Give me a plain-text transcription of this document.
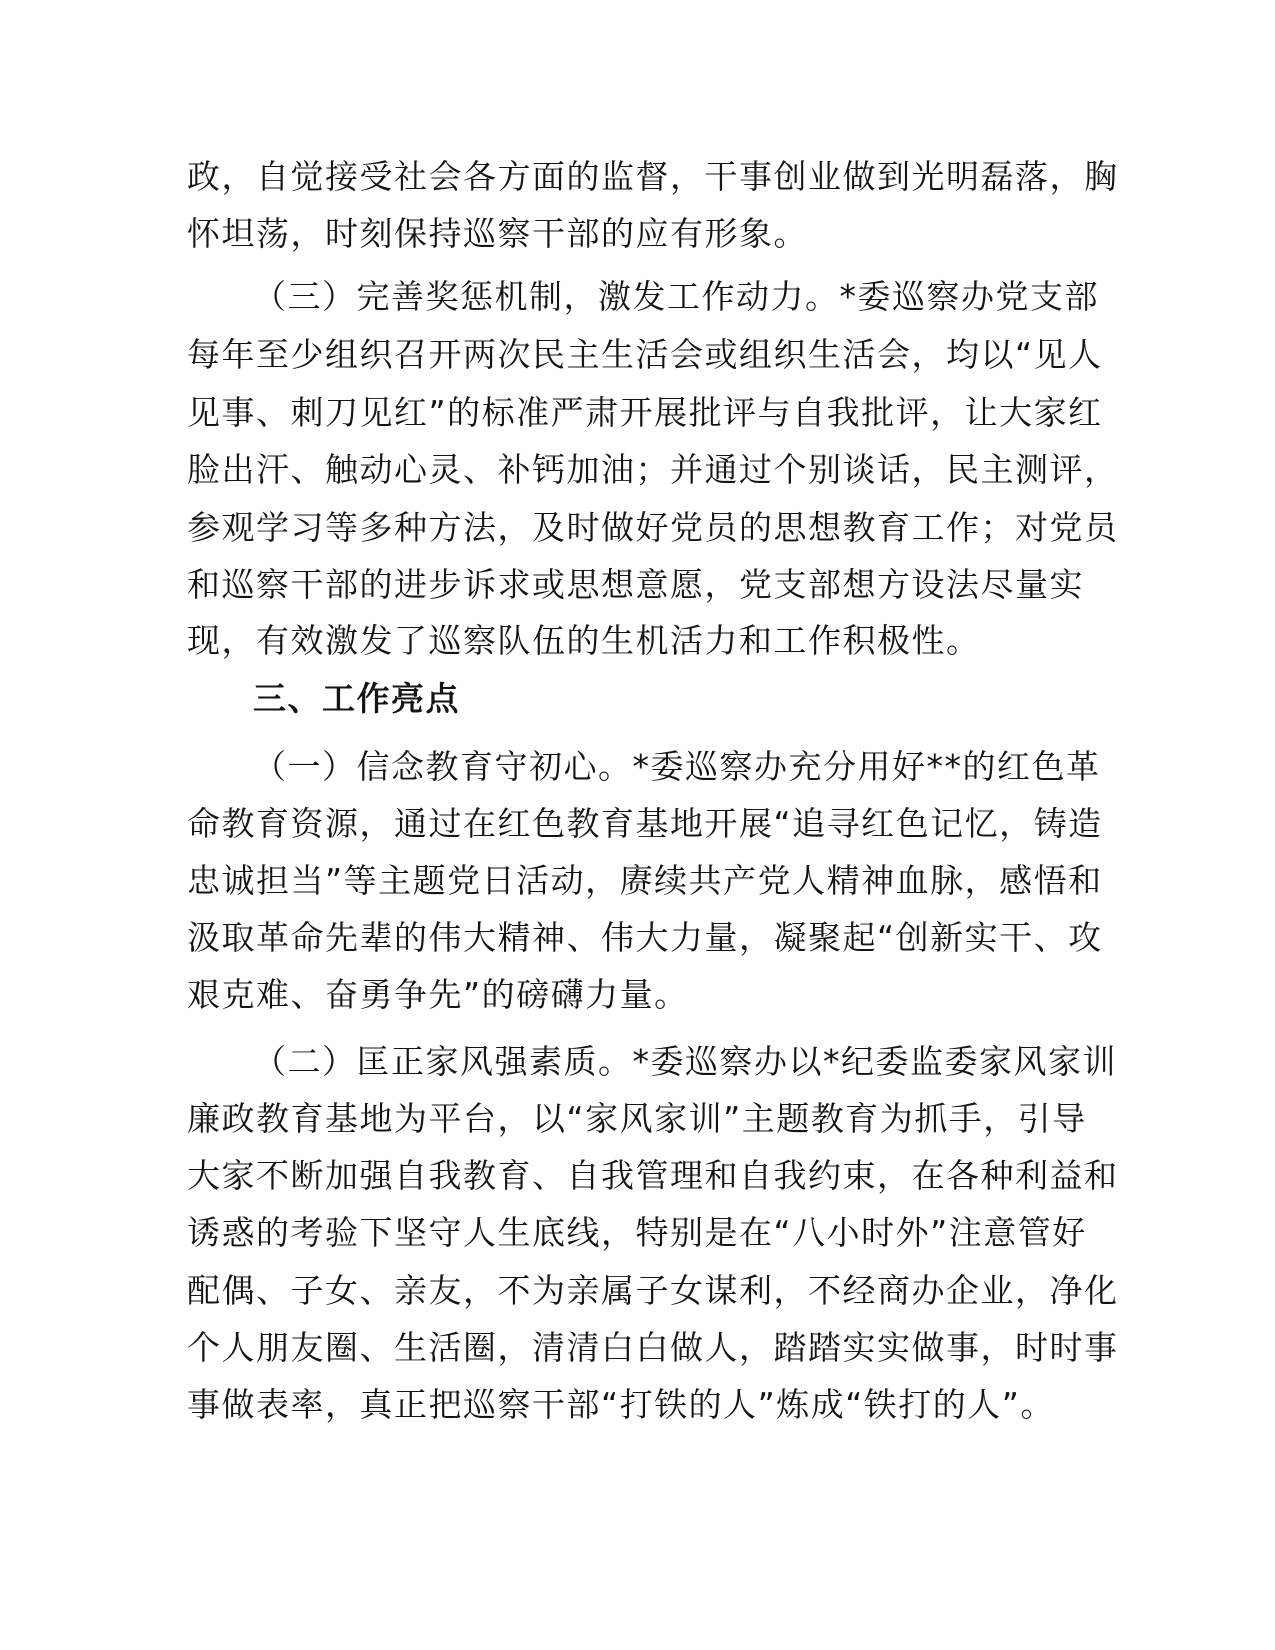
政，自觉接受社会各方面的监督，干事创业做到光明磊落，胸
怀坦荡，时刻保持巡察干部的应有形象。
（三）完善奖惩机制，激发工作动力。*委巡察办党支部
每年至少组织召开两次民主生活会或组织生活会，均以“见人
见事、刺刀见红”的标准严肃开展批评与自我批评，让大家红
脸出汗、触动心灵、补钙加油；并通过个别谈话，民主测评，
参观学习等多种方法，及时做好党员的思想教育工作；对党员
和巡察干部的进步诉求或思想意愿，党支部想方设法尽量实
现，有效激发了巡察队伍的生机活力和工作积极性。
三、工作亮点
（一）信念教育守初心。*委巡察办充分用好**的红色革
命教育资源，通过在红色教育基地开展“追寻红色记忆，铸造
忠诚担当”等主题党日活动，赓续共产党人精神血脉，感悟和
汲取革命先辈的伟大精神、伟大力量，凝聚起“创新实干、攻
艰克难、奋勇争先”的磅礴力量。
（二）匡正家风强素质。*委巡察办以*纪委监委家风家训
廉政教育基地为平台，以“家风家训”主题教育为抓手，引导
大家不断加强自我教育、自我管理和自我约束，在各种利益和
诱惑的考验下坚守人生底线，特别是在“八小时外”注意管好
配偶、子女、亲友，不为亲属子女谋利，不经商办企业，净化
个人朋友圈、生活圈，清清白白做人，踏踏实实做事，时时事
事做表率，真正把巡察干部“打铁的人”炼成“铁打的人”。
